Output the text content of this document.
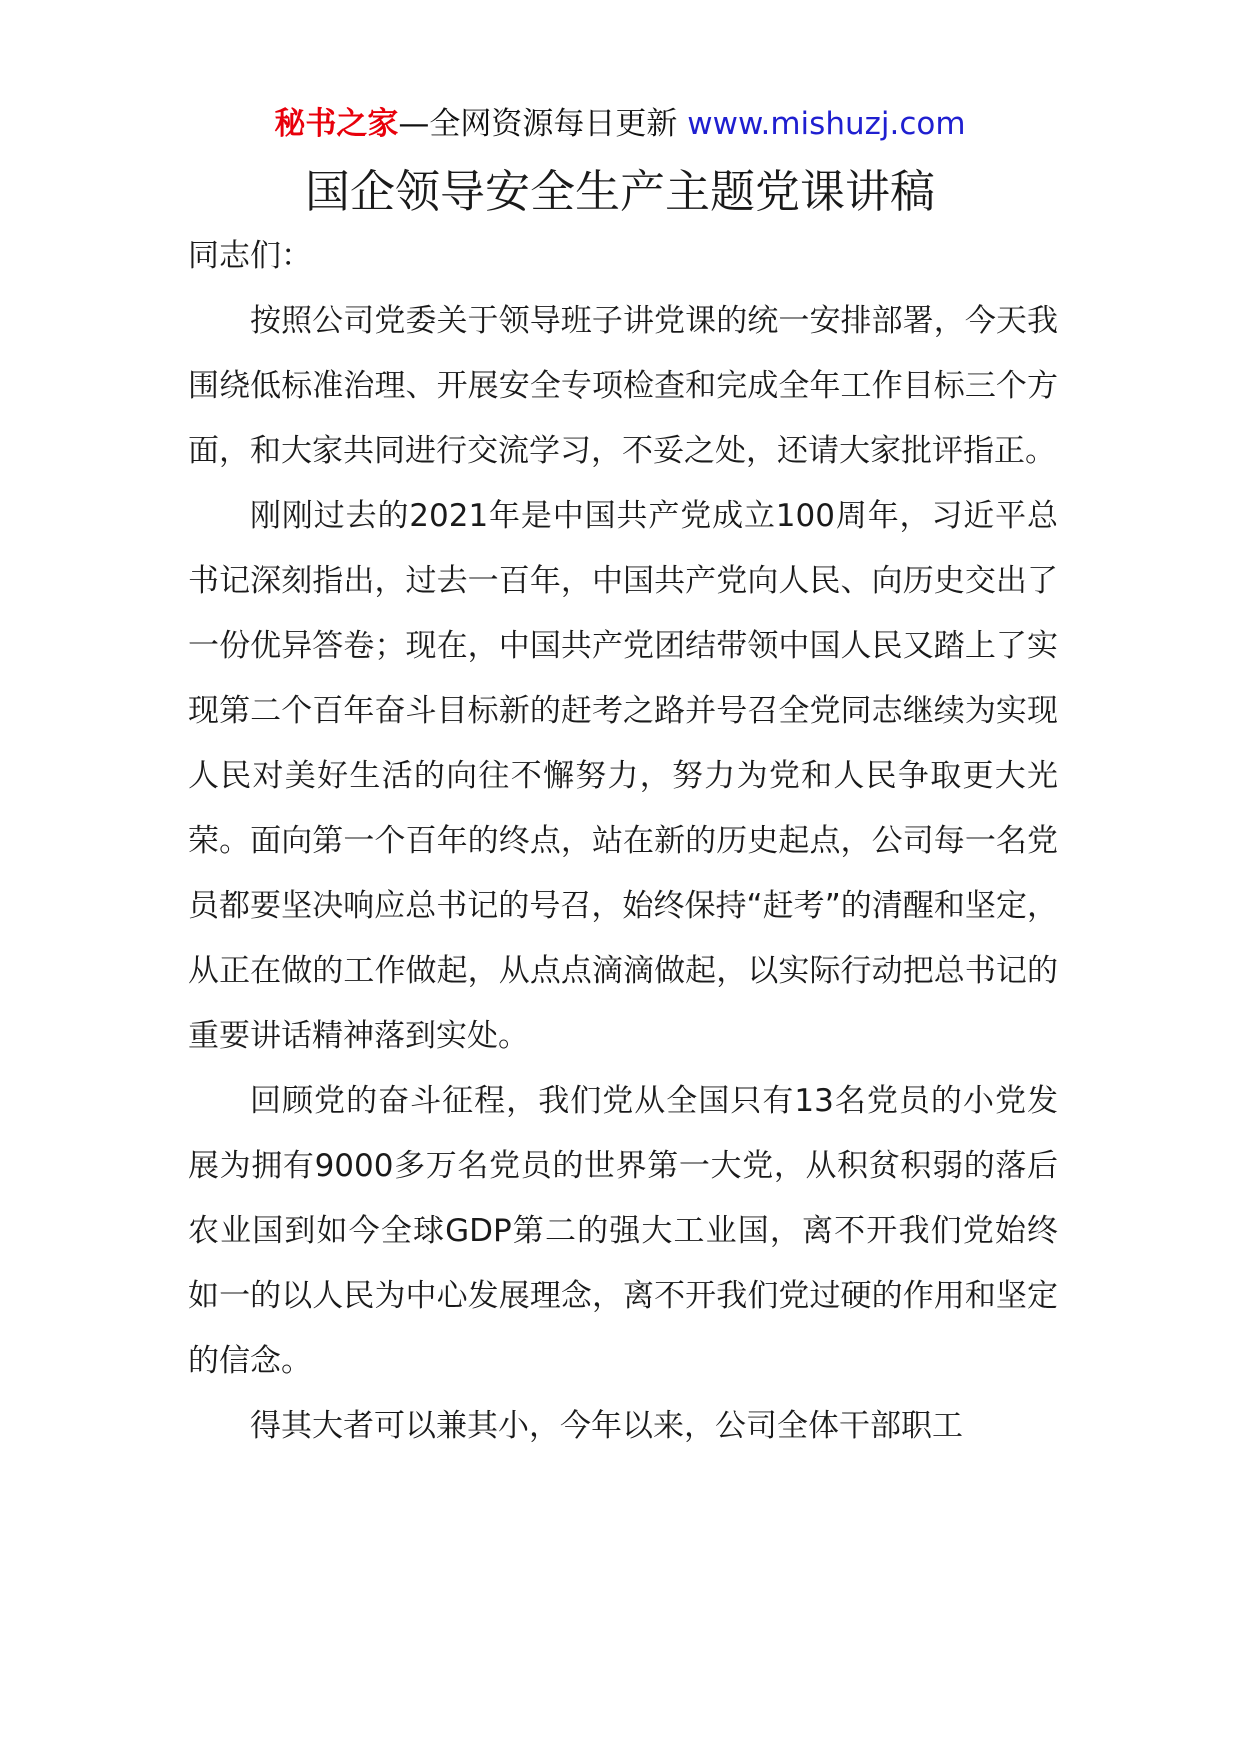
秘书之家—全网资源每日更新 www.mishuzj.com
国企领导安全生产主题党课讲稿

同志们：

按照公司党委关于领导班子讲党课的统一安排部署，今天我围绕低标准治理、开展安全专项检查和完成全年工作目标三个方面，和大家共同进行交流学习，不妥之处，还请大家批评指正。

刚刚过去的2021年是中国共产党成立100周年，习近平总书记深刻指出，过去一百年，中国共产党向人民、向历史交出了一份优异答卷；现在，中国共产党团结带领中国人民又踏上了实现第二个百年奋斗目标新的赶考之路并号召全党同志继续为实现人民对美好生活的向往不懈努力，努力为党和人民争取更大光荣。面向第一个百年的终点，站在新的历史起点，公司每一名党员都要坚决响应总书记的号召，始终保持“赶考”的清醒和坚定，从正在做的工作做起，从点点滴滴做起，以实际行动把总书记的重要讲话精神落到实处。

回顾党的奋斗征程，我们党从全国只有13名党员的小党发展为拥有9000多万名党员的世界第一大党，从积贫积弱的落后农业国到如今全球GDP第二的强大工业国，离不开我们党始终如一的以人民为中心发展理念，离不开我们党过硬的作用和坚定的信念。

得其大者可以兼其小，今年以来，公司全体干部职工
